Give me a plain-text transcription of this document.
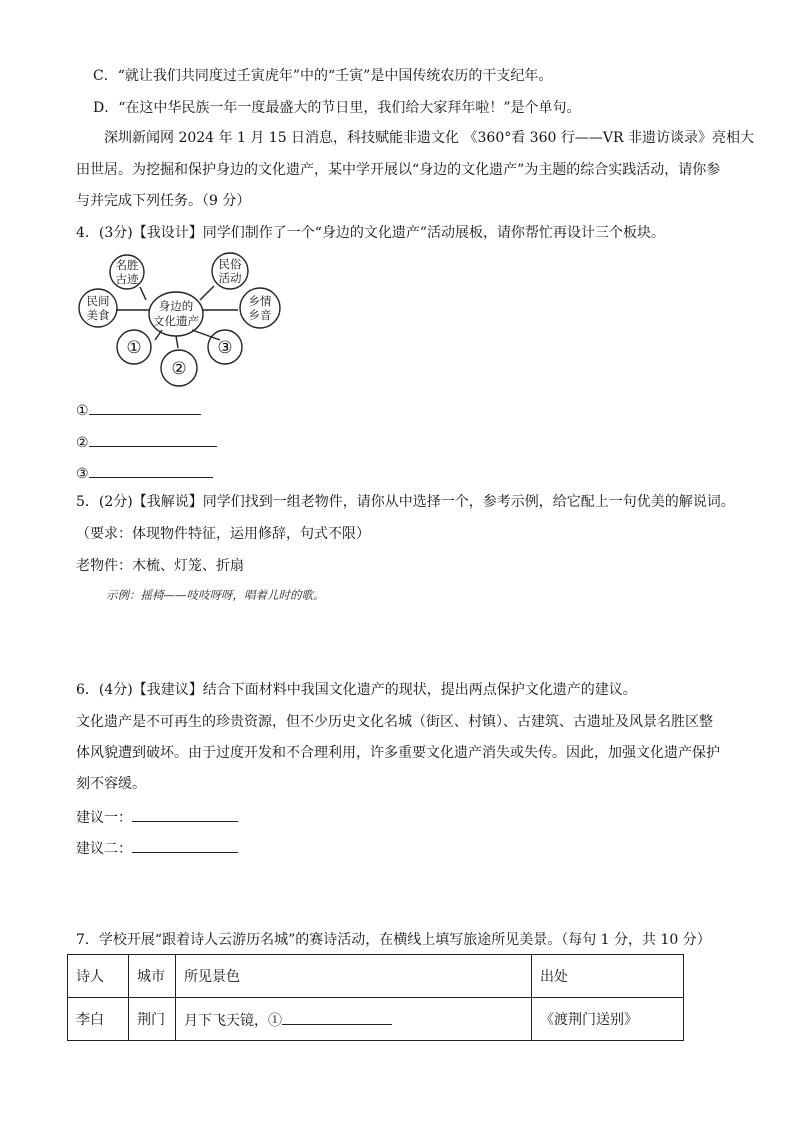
C．“就让我们共同度过壬寅虎年”中的“壬寅”是中国传统农历的干支纪年。
D．“在这中华民族一年一度最盛大的节日里，我们给大家拜年啦！”是个单句。
深圳新闻网 2024 年 1 月 15 日消息，科技赋能非遗文化 《360°看 360 行——VR 非遗访谈录》亮相大
田世居。为挖掘和保护身边的文化遗产，某中学开展以“身边的文化遗产”为主题的综合实践活动，请你参
与并完成下列任务。（9 分）
4．(3分)【我设计】同学们制作了一个“身边的文化遗产”活动展板，请你帮忙再设计三个板块。
身边的
文化遗产
名胜
古迹
民俗
活动
民间
美食
乡情
乡音
①
②
③
①
②
③
5．(2分)【我解说】同学们找到一组老物件，请你从中选择一个，参考示例，给它配上一句优美的解说词。
（要求：体现物件特征，运用修辞，句式不限）
老物件：木梳、灯笼、折扇
示例：摇椅——吱吱呀呀，唱着儿时的歌。
6．(4分)【我建议】结合下面材料中我国文化遗产的现状，提出两点保护文化遗产的建议。
文化遗产是不可再生的珍贵资源，但不少历史文化名城（街区、村镇）、古建筑、古遗址及风景名胜区整
体风貌遭到破坏。由于过度开发和不合理利用，许多重要文化遗产消失或失传。因此，加强文化遗产保护
刻不容缓。
建议一：
建议二：
7．学校开展“跟着诗人云游历名城”的赛诗活动，在横线上填写旅途所见美景。（每句 1 分，共 10 分）
诗人	城市	所见景色	出处
李白	荆门	月下飞天镜，①	《渡荆门送别》
